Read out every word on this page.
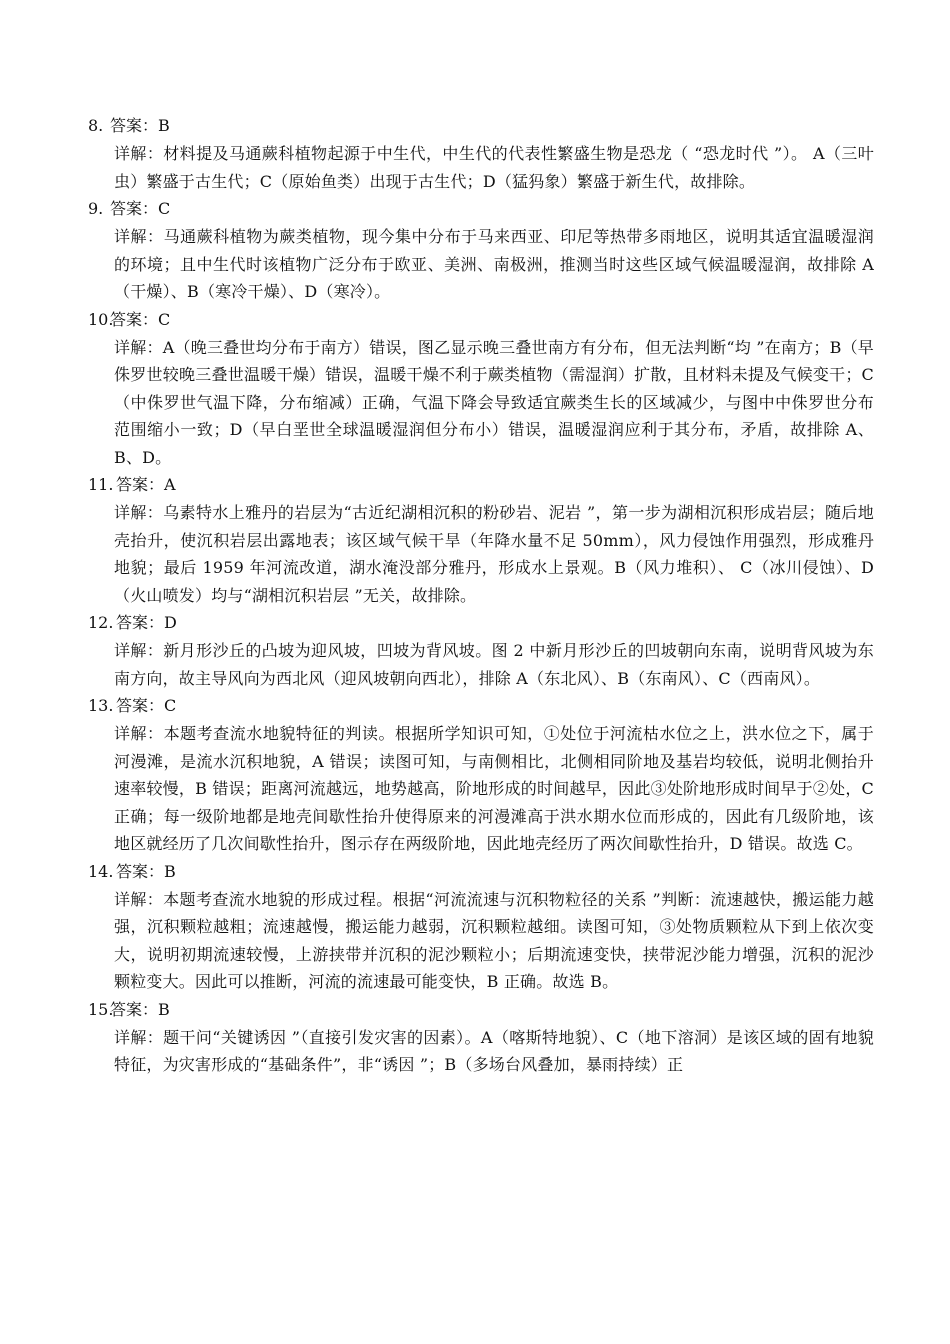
8. 答案：B
详解：材料提及马通蕨科植物起源于中生代，中生代的代表性繁盛生物是恐龙（ “恐龙时代 ”）。 A（三叶虫）繁盛于古生代；C（原始鱼类）出现于古生代；D（猛犸象）繁盛于新生代，故排除。
9. 答案：C
详解：马通蕨科植物为蕨类植物，现今集中分布于马来西亚、印尼等热带多雨地区，说明其适宜温暖湿润的环境；且中生代时该植物广泛分布于欧亚、美洲、南极洲，推测当时这些区域气候温暖湿润，故排除 A（干燥）、B（寒冷干燥）、D（寒冷）。
10.答案：C
详解：A（晚三叠世均分布于南方）错误，图乙显示晚三叠世南方有分布，但无法判断“均 ”在南方；B（早侏罗世较晚三叠世温暖干燥）错误，温暖干燥不利于蕨类植物（需湿润）扩散，且材料未提及气候变干；C（中侏罗世气温下降，分布缩减）正确，气温下降会导致适宜蕨类生长的区域减少，与图中中侏罗世分布范围缩小一致；D（早白垩世全球温暖湿润但分布小）错误，温暖湿润应利于其分布，矛盾，故排除 A、B、D。
11. 答案：A
详解：乌素特水上雅丹的岩层为“古近纪湖相沉积的粉砂岩、泥岩 ”，第一步为湖相沉积形成岩层；随后地壳抬升，使沉积岩层出露地表；该区域气候干旱（年降水量不足 50mm），风力侵蚀作用强烈，形成雅丹地貌；最后 1959 年河流改道，湖水淹没部分雅丹，形成水上景观。B（风力堆积）、 C（冰川侵蚀）、D（火山喷发）均与“湖相沉积岩层 ”无关，故排除。
12. 答案：D
详解：新月形沙丘的凸坡为迎风坡，凹坡为背风坡。图 2 中新月形沙丘的凹坡朝向东南，说明背风坡为东南方向，故主导风向为西北风（迎风坡朝向西北），排除 A（东北风）、B（东南风）、C（西南风）。
13. 答案：C
详解：本题考查流水地貌特征的判读。根据所学知识可知，①处位于河流枯水位之上，洪水位之下，属于河漫滩，是流水沉积地貌，A 错误；读图可知，与南侧相比，北侧相同阶地及基岩均较低，说明北侧抬升速率较慢，B 错误；距离河流越远，地势越高，阶地形成的时间越早，因此③处阶地形成时间早于②处，C 正确；每一级阶地都是地壳间歇性抬升使得原来的河漫滩高于洪水期水位而形成的，因此有几级阶地，该地区就经历了几次间歇性抬升，图示存在两级阶地，因此地壳经历了两次间歇性抬升，D 错误。故选 C。
14. 答案：B
详解：本题考查流水地貌的形成过程。根据“河流流速与沉积物粒径的关系 ”判断：流速越快，搬运能力越强，沉积颗粒越粗；流速越慢，搬运能力越弱，沉积颗粒越细。读图可知，③处物质颗粒从下到上依次变大，说明初期流速较慢，上游挟带并沉积的泥沙颗粒小；后期流速变快，挟带泥沙能力增强，沉积的泥沙颗粒变大。因此可以推断，河流的流速最可能变快，B 正确。故选 B。
15.答案：B
详解：题干问“关键诱因 ”（直接引发灾害的因素）。A（喀斯特地貌）、C（地下溶洞）是该区域的固有地貌特征，为灾害形成的“基础条件”，非“诱因 ”；B（多场台风叠加，暴雨持续）正
